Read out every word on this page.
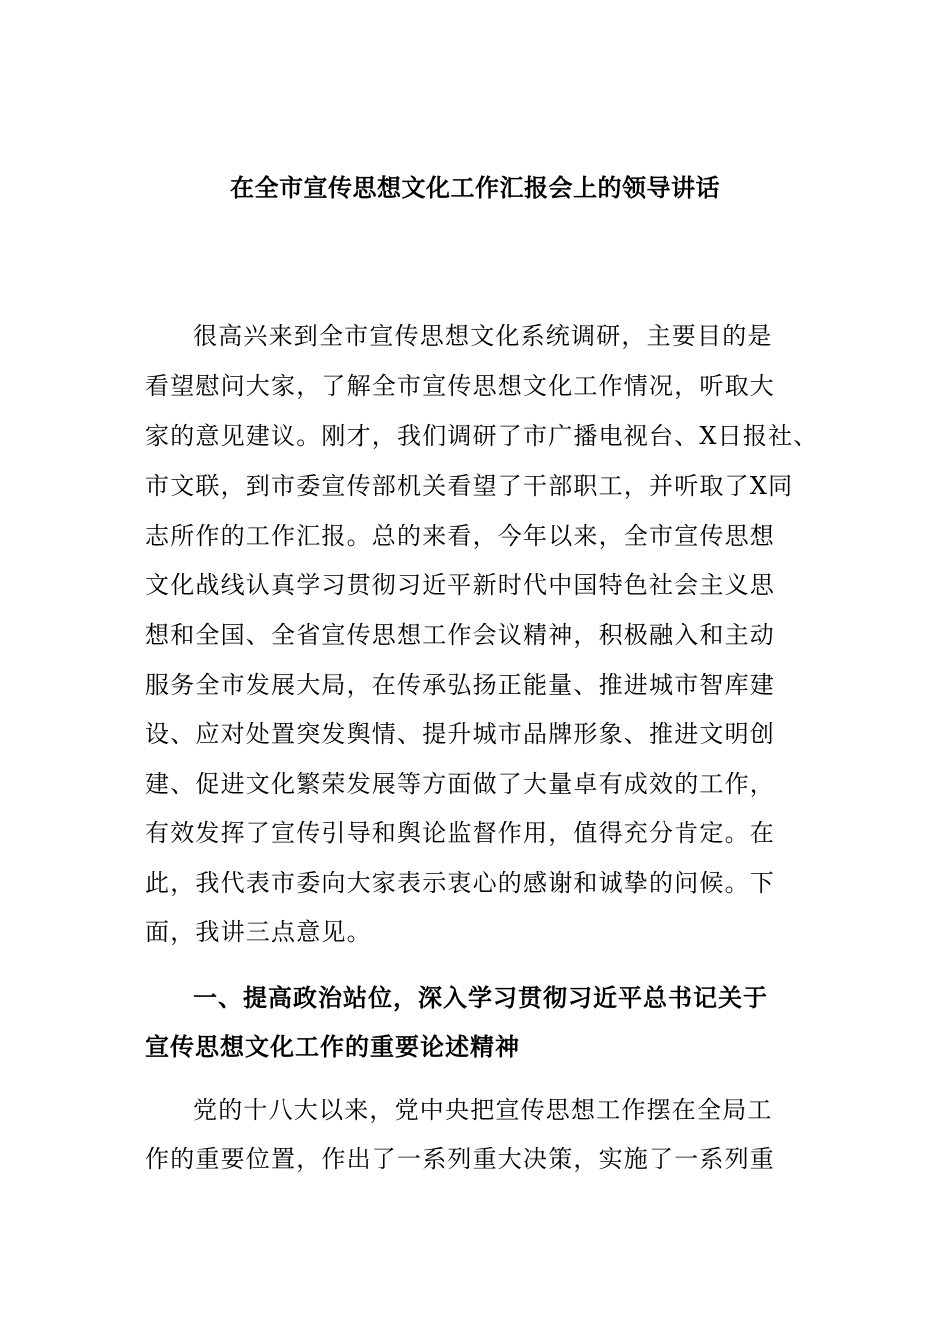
在全市宣传思想文化工作汇报会上的领导讲话
很高兴来到全市宣传思想文化系统调研，主要目的是
看望慰问大家，了解全市宣传思想文化工作情况，听取大
家的意见建议。刚才，我们调研了市广播电视台、X日报社、
市文联，到市委宣传部机关看望了干部职工，并听取了X同
志所作的工作汇报。总的来看，今年以来，全市宣传思想
文化战线认真学习贯彻习近平新时代中国特色社会主义思
想和全国、全省宣传思想工作会议精神，积极融入和主动
服务全市发展大局，在传承弘扬正能量、推进城市智库建
设、应对处置突发舆情、提升城市品牌形象、推进文明创
建、促进文化繁荣发展等方面做了大量卓有成效的工作，
有效发挥了宣传引导和舆论监督作用，值得充分肯定。在
此，我代表市委向大家表示衷心的感谢和诚挚的问候。下
面，我讲三点意见。
一、提高政治站位，深入学习贯彻习近平总书记关于
宣传思想文化工作的重要论述精神
党的十八大以来，党中央把宣传思想工作摆在全局工
作的重要位置，作出了一系列重大决策，实施了一系列重
